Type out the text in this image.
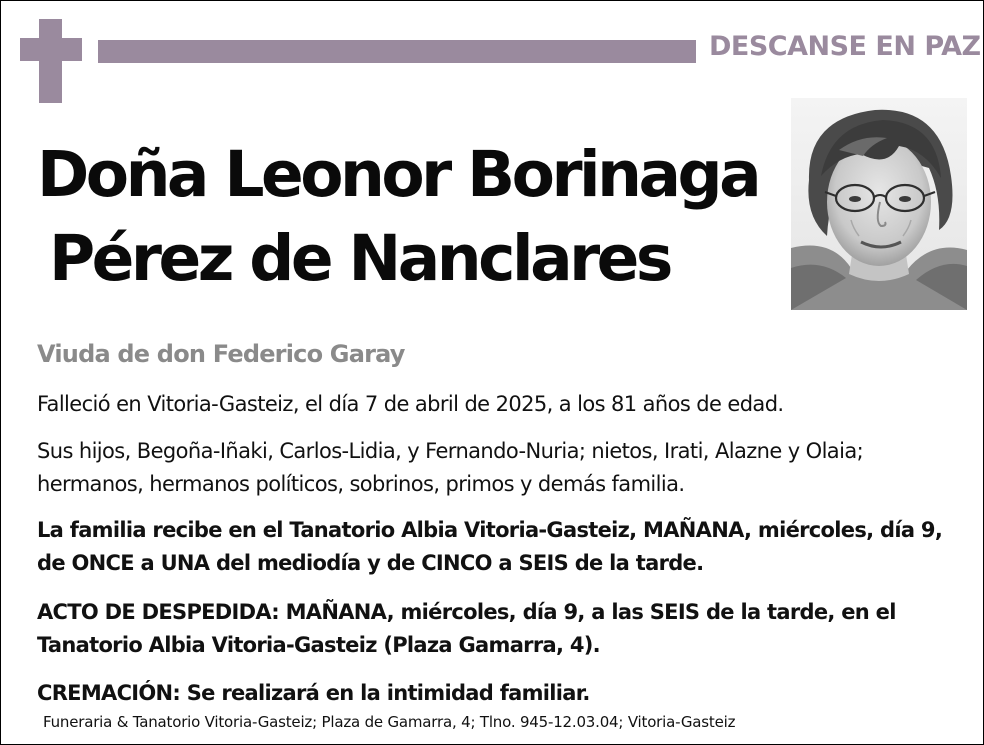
DESCANSE EN PAZ
Doña Leonor Borinaga
Pérez de Nanclares
Viuda de don Federico Garay

Falleció en Vitoria-Gasteiz, el día 7 de abril de 2025, a los 81 años de edad.

Sus hijos, Begoña-Iñaki, Carlos-Lidia, y Fernando-Nuria; nietos, Irati, Alazne y Olaia; hermanos, hermanos políticos, sobrinos, primos y demás familia.

La familia recibe en el Tanatorio Albia Vitoria-Gasteiz, MAÑANA, miércoles, día 9, de ONCE a UNA del mediodía y de CINCO a SEIS de la tarde.

ACTO DE DESPEDIDA: MAÑANA, miércoles, día 9, a las SEIS de la tarde, en el Tanatorio Albia Vitoria-Gasteiz (Plaza Gamarra, 4).

CREMACIÓN: Se realizará en la intimidad familiar.

Funeraria & Tanatorio Vitoria-Gasteiz; Plaza de Gamarra, 4; Tlno. 945-12.03.04; Vitoria-Gasteiz
